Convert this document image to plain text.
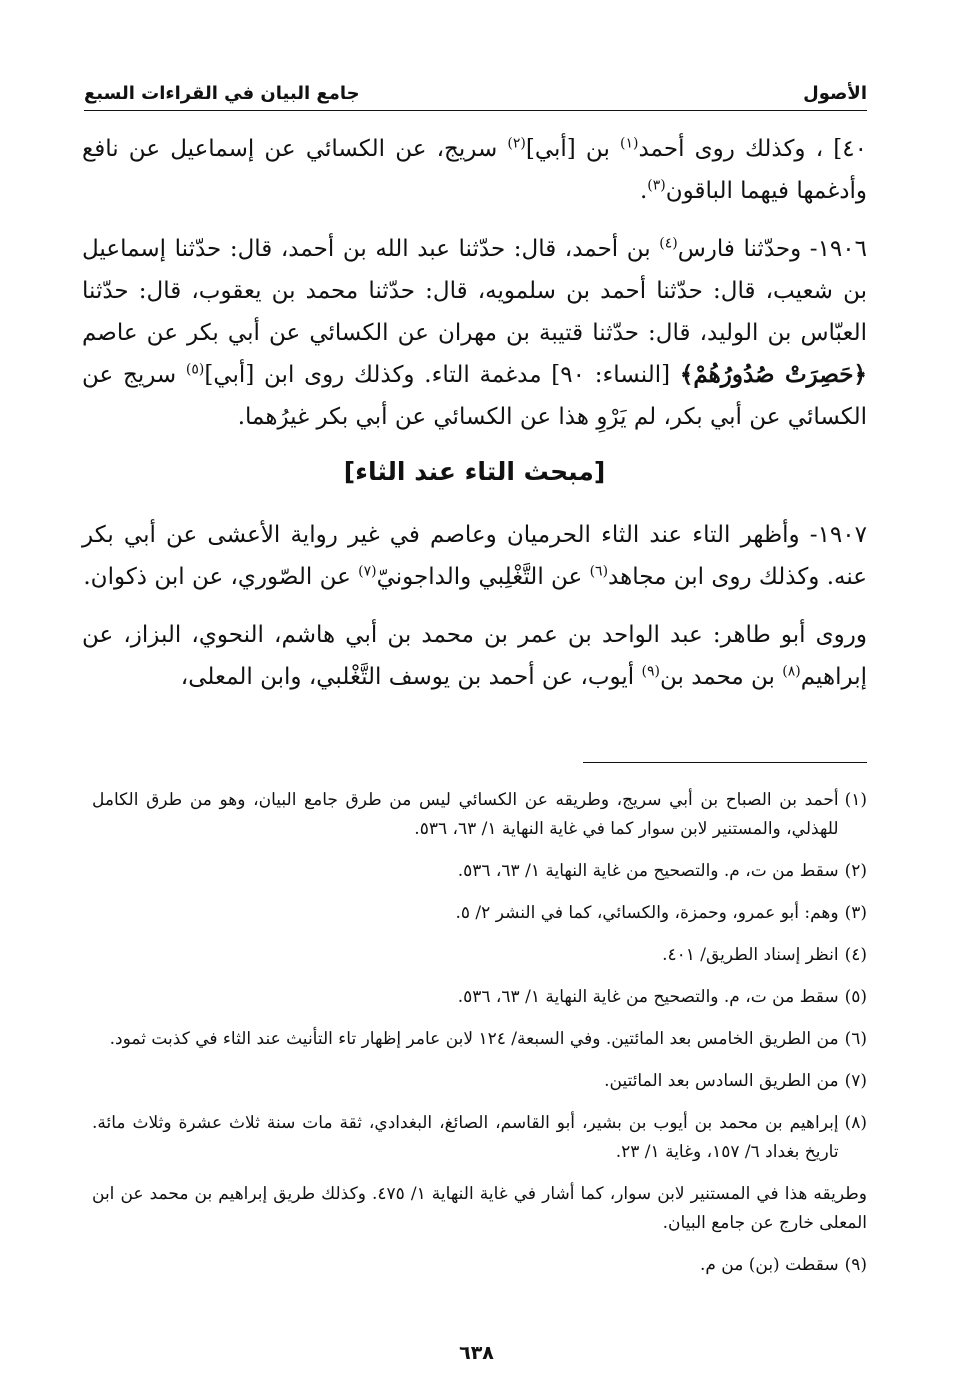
الأصول
جامع البيان في القراءات السبع

٤٠] ، وكذلك روى أحمد$^{(١)}$ بن [أبي]$^{(٢)}$ سريج، عن الكسائي عن إسماعيل عن نافع وأدغمها فيهما الباقون$^{(٣)}$.

١٩٠٦- وحدّثنا فارس$^{(٤)}$ بن أحمد، قال: حدّثنا عبد الله بن أحمد، قال: حدّثنا إسماعيل بن شعيب، قال: حدّثنا أحمد بن سلمويه، قال: حدّثنا محمد بن يعقوب، قال: حدّثنا العبّاس بن الوليد، قال: حدّثنا قتيبة بن مهران عن الكسائي عن أبي بكر عن عاصم ﴿حَصِرَتْ صُدُورُهُمْ﴾ [النساء: ٩٠] مدغمة التاء. وكذلك روى ابن [أبي]$^{(٥)}$ سريج عن الكسائي عن أبي بكر، لم يَرْوِ هذا عن الكسائي عن أبي بكر غيرُهما.

[مبحث التاء عند الثاء]

١٩٠٧- وأظهر التاء عند الثاء الحرميان وعاصم في غير رواية الأعشى عن أبي بكر عنه. وكذلك روى ابن مجاهد$^{(٦)}$ عن التَّغْلِبي والداجونيّ$^{(٧)}$ عن الصّوري، عن ابن ذكوان.

وروى أبو طاهر: عبد الواحد بن عمر بن محمد بن أبي هاشم، النحوي، البزاز، عن إبراهيم$^{(٨)}$ بن محمد بن$^{(٩)}$ أيوب، عن أحمد بن يوسف التَّغْلبي، وابن المعلى،

(١)
أحمد بن الصباح بن أبي سريج، وطريقه عن الكسائي ليس من طرق جامع البيان، وهو من طرق الكامل للهذلي، والمستنير لابن سوار كما في غاية النهاية ١/ ٦٣، ٥٣٦.
(٢)
سقط من ت، م. والتصحيح من غاية النهاية ١/ ٦٣، ٥٣٦.
(٣)
وهم: أبو عمرو، وحمزة، والكسائي، كما في النشر ٢/ ٥.
(٤)
انظر إسناد الطريق/ ٤٠١.
(٥)
سقط من ت، م. والتصحيح من غاية النهاية ١/ ٦٣، ٥٣٦.
(٦)
من الطريق الخامس بعد المائتين. وفي السبعة/ ١٢٤ لابن عامر إظهار تاء التأنيث عند الثاء في كذبت ثمود.
(٧)
من الطريق السادس بعد المائتين.
(٨)
إبراهيم بن محمد بن أيوب بن بشير، أبو القاسم، الصائغ، البغدادي، ثقة مات سنة ثلاث عشرة وثلاث مائة. تاريخ بغداد ٦/ ١٥٧، وغاية ١/ ٢٣.
وطريقه هذا في المستنير لابن سوار، كما أشار في غاية النهاية ١/ ٤٧٥. وكذلك طريق إبراهيم بن محمد عن ابن المعلى خارج عن جامع البيان.
(٩)
سقطت (بن) من م.
٦٣٨
